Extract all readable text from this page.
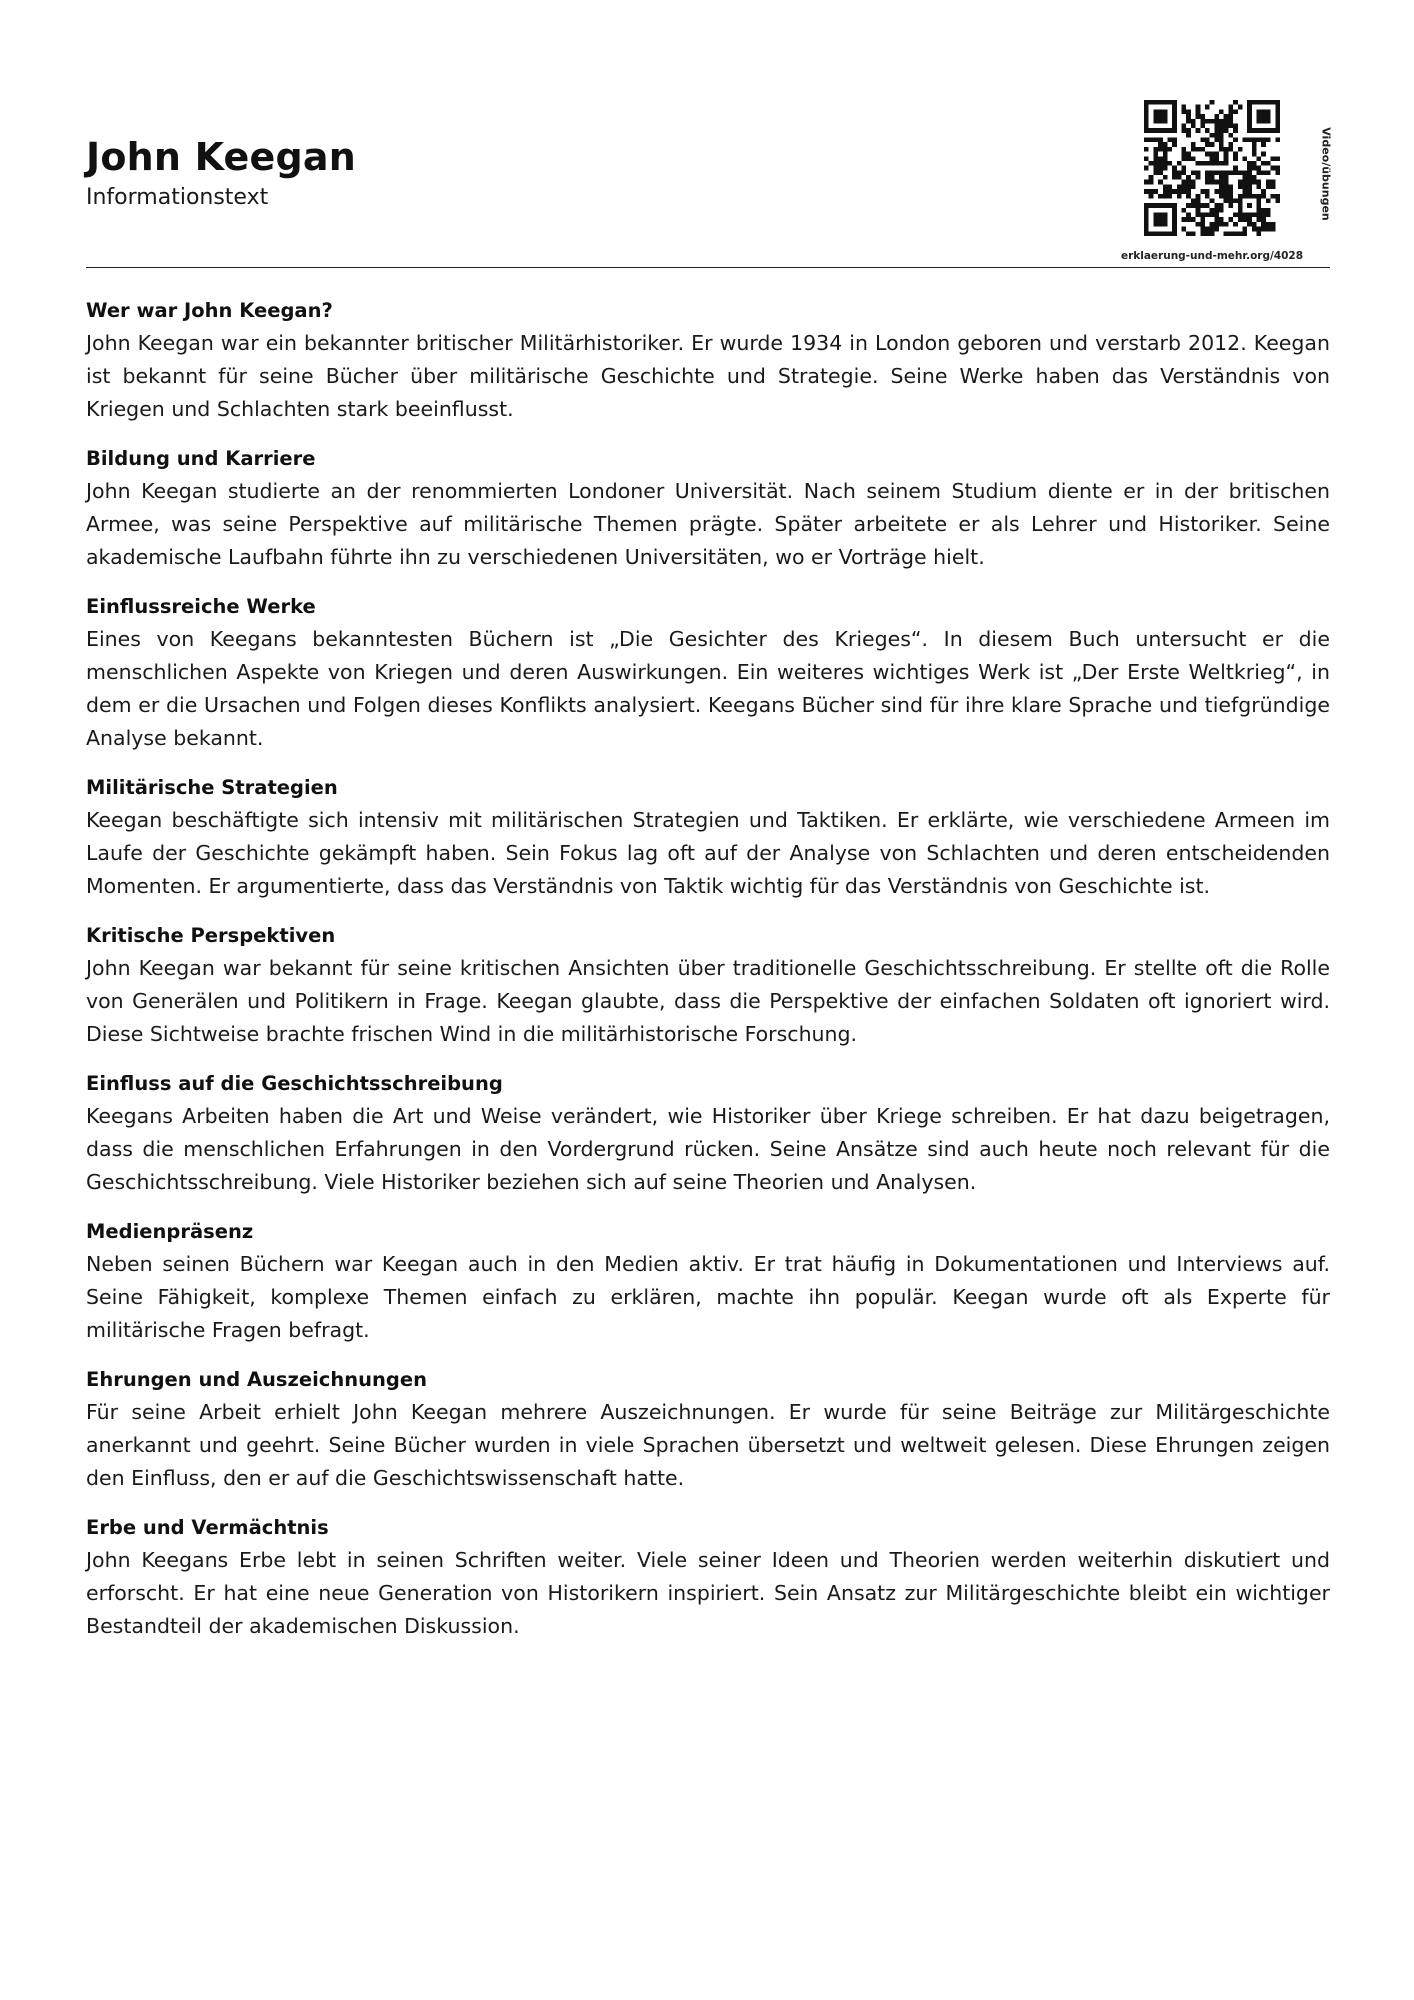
John Keegan
Informationstext	Video/übungen
erklaerung-und-mehr.org/4028
Wer war John Keegan?

John Keegan war ein bekannter britischer Militärhistoriker. Er wurde 1934 in London geboren und verstarb 2012. Keegan ist bekannt für seine Bücher über militärische Geschichte und Strategie. Seine Werke haben das Verständnis von Kriegen und Schlachten stark beeinflusst.

Bildung und Karriere

John Keegan studierte an der renommierten Londoner Universität. Nach seinem Studium diente er in der britischen Armee, was seine Perspektive auf militärische Themen prägte. Später arbeitete er als Lehrer und Historiker. Seine akademische Laufbahn führte ihn zu verschiedenen Universitäten, wo er Vorträge hielt.

Einflussreiche Werke

Eines von Keegans bekanntesten Büchern ist „Die Gesichter des Krieges“. In diesem Buch untersucht er die menschlichen Aspekte von Kriegen und deren Auswirkungen. Ein weiteres wichtiges Werk ist „Der Erste Weltkrieg“, in dem er die Ursachen und Folgen dieses Konflikts analysiert. Keegans Bücher sind für ihre klare Sprache und tiefgründige Analyse bekannt.

Militärische Strategien

Keegan beschäftigte sich intensiv mit militärischen Strategien und Taktiken. Er erklärte, wie verschiedene Armeen im Laufe der Geschichte gekämpft haben. Sein Fokus lag oft auf der Analyse von Schlachten und deren entscheidenden Momenten. Er argumentierte, dass das Verständnis von Taktik wichtig für das Verständnis von Geschichte ist.

Kritische Perspektiven

John Keegan war bekannt für seine kritischen Ansichten über traditionelle Geschichtsschreibung. Er stellte oft die Rolle von Generälen und Politikern in Frage. Keegan glaubte, dass die Perspektive der einfachen Soldaten oft ignoriert wird. Diese Sichtweise brachte frischen Wind in die militärhistorische Forschung.

Einfluss auf die Geschichtsschreibung

Keegans Arbeiten haben die Art und Weise verändert, wie Historiker über Kriege schreiben. Er hat dazu beigetragen, dass die menschlichen Erfahrungen in den Vordergrund rücken. Seine Ansätze sind auch heute noch relevant für die Geschichtsschreibung. Viele Historiker beziehen sich auf seine Theorien und Analysen.

Medienpräsenz

Neben seinen Büchern war Keegan auch in den Medien aktiv. Er trat häufig in Dokumentationen und Interviews auf. Seine Fähigkeit, komplexe Themen einfach zu erklären, machte ihn populär. Keegan wurde oft als Experte für militärische Fragen befragt.

Ehrungen und Auszeichnungen

Für seine Arbeit erhielt John Keegan mehrere Auszeichnungen. Er wurde für seine Beiträge zur Militärgeschichte anerkannt und geehrt. Seine Bücher wurden in viele Sprachen übersetzt und weltweit gelesen. Diese Ehrungen zeigen den Einfluss, den er auf die Geschichtswissenschaft hatte.

Erbe und Vermächtnis

John Keegans Erbe lebt in seinen Schriften weiter. Viele seiner Ideen und Theorien werden weiterhin diskutiert und erforscht. Er hat eine neue Generation von Historikern inspiriert. Sein Ansatz zur Militärgeschichte bleibt ein wichtiger Bestandteil der akademischen Diskussion.
